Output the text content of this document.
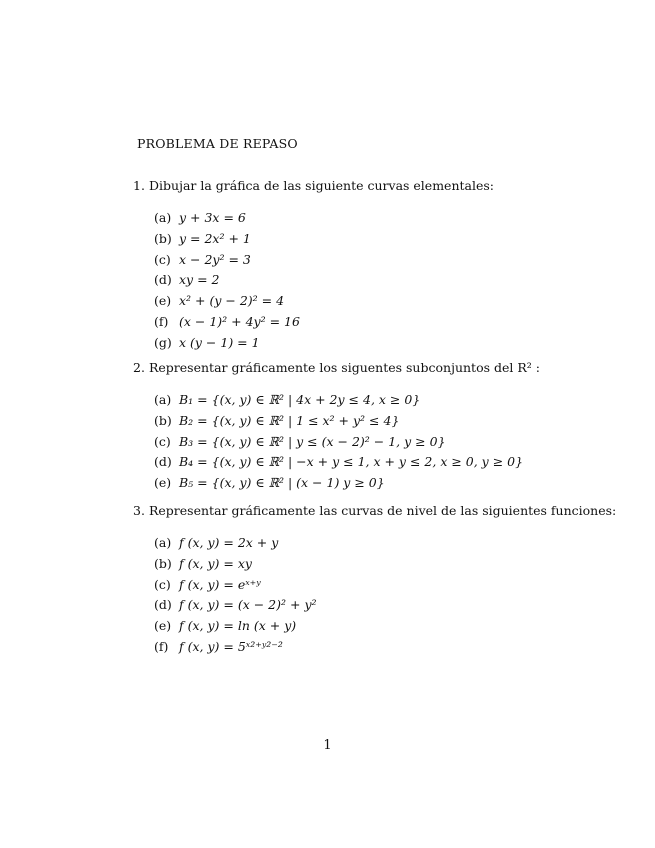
PROBLEMA DE REPASO
1. Dibujar la gráfica de las siguiente curvas elementales:
(a) y + 3x = 6
(b) y = 2x² + 1
(c) x − 2y² = 3
(d) xy = 2
(e) x² + (y − 2)² = 4
(f) (x − 1)² + 4y² = 16
(g) x (y − 1) = 1
2. Representar gráficamente los siguentes subconjuntos del R² :
(a) B₁ = {(x, y) ∈ ℝ² | 4x + 2y ≤ 4, x ≥ 0}
(b) B₂ = {(x, y) ∈ ℝ² | 1 ≤ x² + y² ≤ 4}
(c) B₃ = {(x, y) ∈ ℝ² | y ≤ (x − 2)² − 1, y ≥ 0}
(d) B₄ = {(x, y) ∈ ℝ² | −x + y ≤ 1, x + y ≤ 2, x ≥ 0, y ≥ 0}
(e) B₅ = {(x, y) ∈ ℝ² | (x − 1) y ≥ 0}
3. Representar gráficamente las curvas de nivel de las siguientes funciones:
(a) f (x, y) = 2x + y
(b) f (x, y) = xy
(c) f (x, y) = eˣ⁺ʸ
(d) f (x, y) = (x − 2)² + y²
(e) f (x, y) = ln (x + y)
(f) f (x, y) = 5ˣ²⁺ʸ²⁻²
1
